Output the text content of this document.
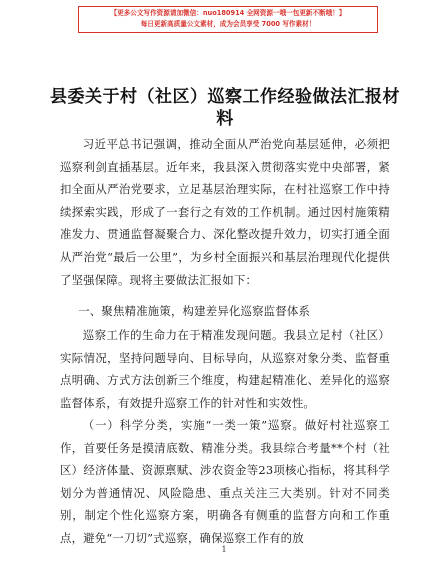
【更多公文写作资源请加微信：nuo180914 全网资源一哦一包更新不断哦！】
每日更新高质量公文素材，成为会员享受 7000 写作素材！
县委关于村（社区）巡察工作经验做法汇报材料

习近平总书记强调，推动全面从严治党向基层延伸，必须把巡察利剑直插基层。近年来，我县深入贯彻落实党中央部署，紧扣全面从严治党要求，立足基层治理实际，在村社巡察工作中持续探索实践，形成了一套行之有效的工作机制。通过因村施策精准发力、贯通监督凝聚合力、深化整改提升效力，切实打通全面从严治党“最后一公里”，为乡村全面振兴和基层治理现代化提供了坚强保障。现将主要做法汇报如下：

一、聚焦精准施策，构建差异化巡察监督体系

巡察工作的生命力在于精准发现问题。我县立足村（社区）实际情况，坚持问题导向、目标导向，从巡察对象分类、监督重点明确、方式方法创新三个维度，构建起精准化、差异化的巡察监督体系，有效提升巡察工作的针对性和实效性。

（一）科学分类，实施“一类一策”巡察。做好村社巡察工作，首要任务是摸清底数、精准分类。我县综合考量**个村（社区）经济体量、资源禀赋、涉农资金等23项核心指标，将其科学划分为普通情况、风险隐患、重点关注三大类别。针对不同类别，制定个性化巡察方案，明确各有侧重的监督方向和工作重点，避免“一刀切”式巡察，确保巡察工作有的放

1
